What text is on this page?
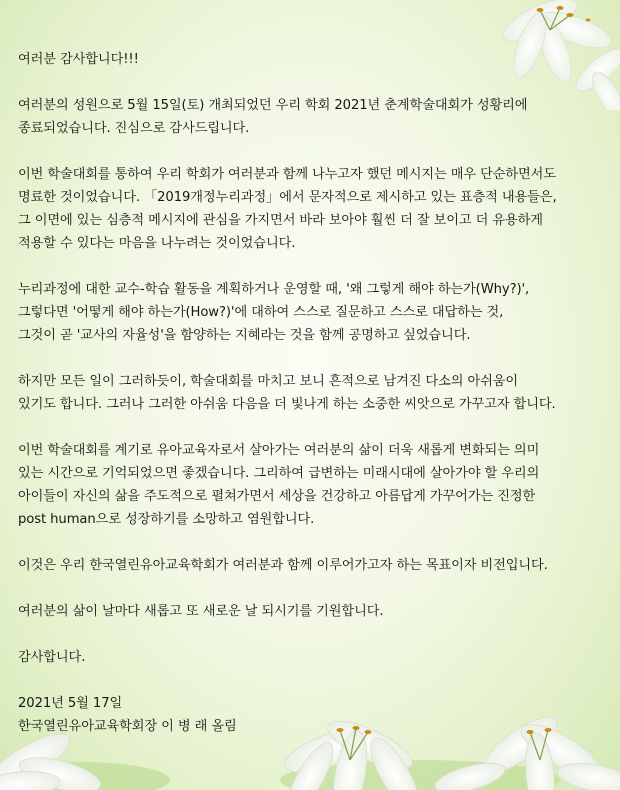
여러분 감사합니다!!!

여러분의 성원으로 5월 15일(토) 개최되었던 우리 학회 2021년 춘계학술대회가 성황리에
종료되었습니다. 진심으로 감사드립니다.

이번 학술대회를 통하여 우리 학회가 여러분과 함께 나누고자 했던 메시지는 매우 단순하면서도
명료한 것이었습니다. 「2019개정누리과정」에서 문자적으로 제시하고 있는 표층적 내용들은,
그 이면에 있는 심층적 메시지에 관심을 가지면서 바라 보아야 훨씬 더 잘 보이고 더 유용하게
적용할 수 있다는 마음을 나누려는 것이었습니다.

누리과정에 대한 교수-학습 활동을 계획하거나 운영할 때, '왜 그렇게 해야 하는가(Why?)',
그렇다면 '어떻게 해야 하는가(How?)'에 대하여 스스로 질문하고 스스로 대답하는 것,
그것이 곧 '교사의 자율성'을 함양하는 지혜라는 것을 함께 공명하고 싶었습니다.

하지만 모든 일이 그러하듯이, 학술대회를 마치고 보니 흔적으로 남겨진 다소의 아쉬움이
있기도 합니다. 그러나 그러한 아쉬움 다음을 더 빛나게 하는 소중한 씨앗으로 가꾸고자 합니다.

이번 학술대회를 계기로 유아교육자로서 살아가는 여러분의 삶이 더욱 새롭게 변화되는 의미
있는 시간으로 기억되었으면 좋겠습니다. 그리하여 급변하는 미래시대에 살아가야 할 우리의
아이들이 자신의 삶을 주도적으로 펼쳐가면서 세상을 건강하고 아름답게 가꾸어가는 진정한
post human으로 성장하기를 소망하고 염원합니다.

이것은 우리 한국열린유아교육학회가 여러분과 함께 이루어가고자 하는 목표이자 비전입니다.

여러분의 삶이 날마다 새롭고 또 새로운 날 되시기를 기원합니다.

감사합니다.

2021년 5월 17일

한국열린유아교육학회장 이 병 래 올림
